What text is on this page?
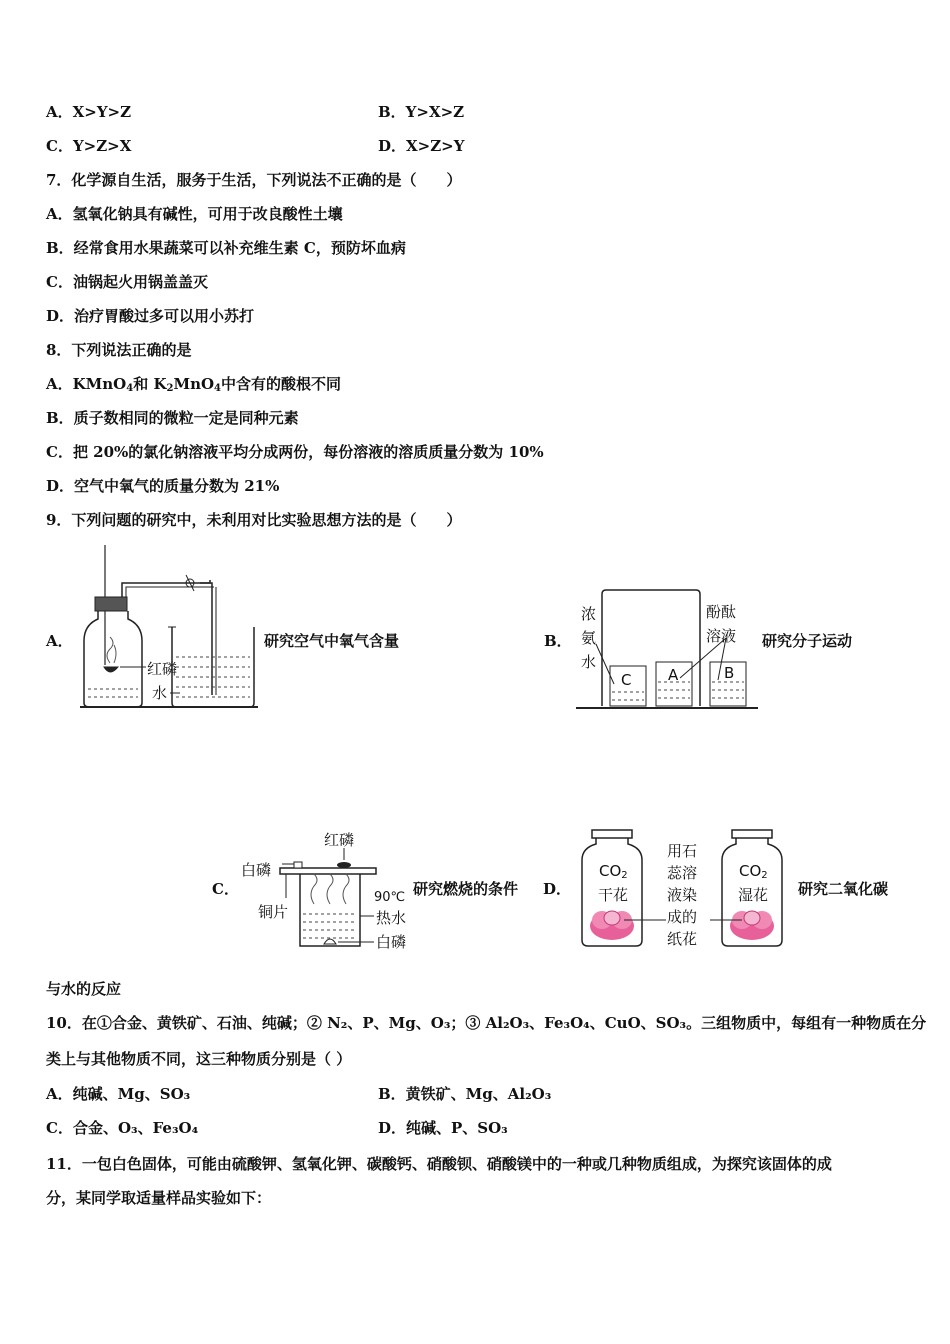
A．X>Y>Z	B．Y>X>Z
C．Y>Z>X	D．X>Z>Y
7．化学源自生活，服务于生活，下列说法不正确的是（　　）
A．氢氧化钠具有碱性，可用于改良酸性土壤
B．经常食用水果蔬菜可以补充维生素 C，预防坏血病
C．油锅起火用锅盖盖灭
D．治疗胃酸过多可以用小苏打
8．下列说法正确的是
A．KMnO$_4$和 $K_2MnO_4$中含有的酸根不同
B．质子数相同的微粒一定是同种元素
C．把 20%的氯化钠溶液平均分成两份，每份溶液的溶质质量分数为 10%
D．空气中氧气的质量分数为 21%
9．下列问题的研究中，未利用对比实验思想方法的是（　　）
A．
红磷
水
研究空气中氧气含量	B．
浓
氨
水
酚酞
溶液
C A	B
研究分子运动
C．
红磷
白磷
铜片
90℃
热水
白磷
研究燃烧的条件 D．
$CO_2$
干花
$CO_2$
湿花
用石
蕊溶
液染
成的
纸花
研究二氧化碳
与水的反应
10．在①合金、黄铁矿、石油、纯碱；② N₂、P、Mg、O₃；③ Al₂O₃、Fe₃O₄、CuO、SO₃。三组物质中，每组有一种物质在分
类上与其他物质不同，这三种物质分别是（ ）
A．纯碱、Mg、SO₃	B．黄铁矿、Mg、Al₂O₃
C．合金、O₃、Fe₃O₄	D．纯碱、P、SO₃
11．一包白色固体，可能由硫酸钾、氢氧化钾、碳酸钙、硝酸钡、硝酸镁中的一种或几种物质组成，为探究该固体的成
分，某同学取适量样品实验如下：
